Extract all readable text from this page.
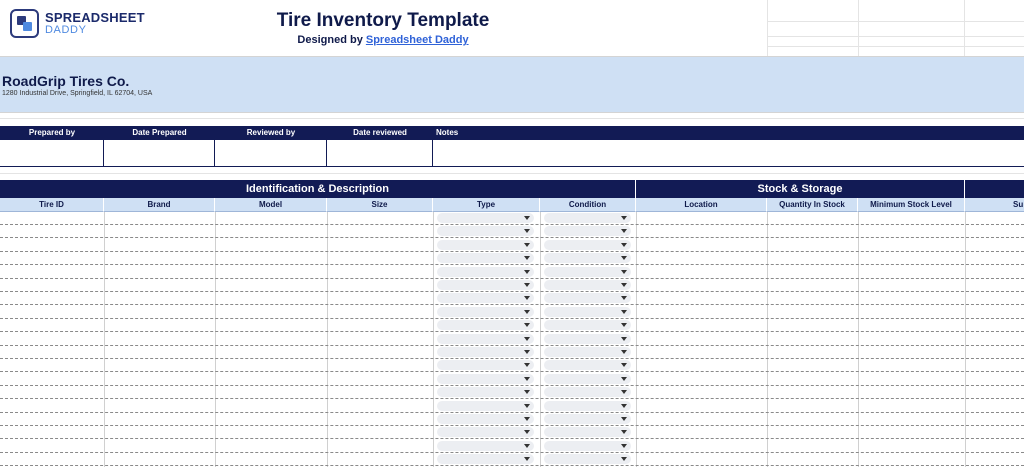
SPREADSHEET
DADDY	Tire Inventory Template
Designed by Spreadsheet Daddy
RoadGrip Tires Co.
1280 Industrial Drive, Springfield, IL 62704, USA
Prepared by	Date Prepared	Reviewed by	Date reviewed	Notes
Identification & Description	Stock & Storage
Tire ID	Brand	Model	Size	Type	Condition	Location	Quantity In Stock	Minimum Stock Level	Su
